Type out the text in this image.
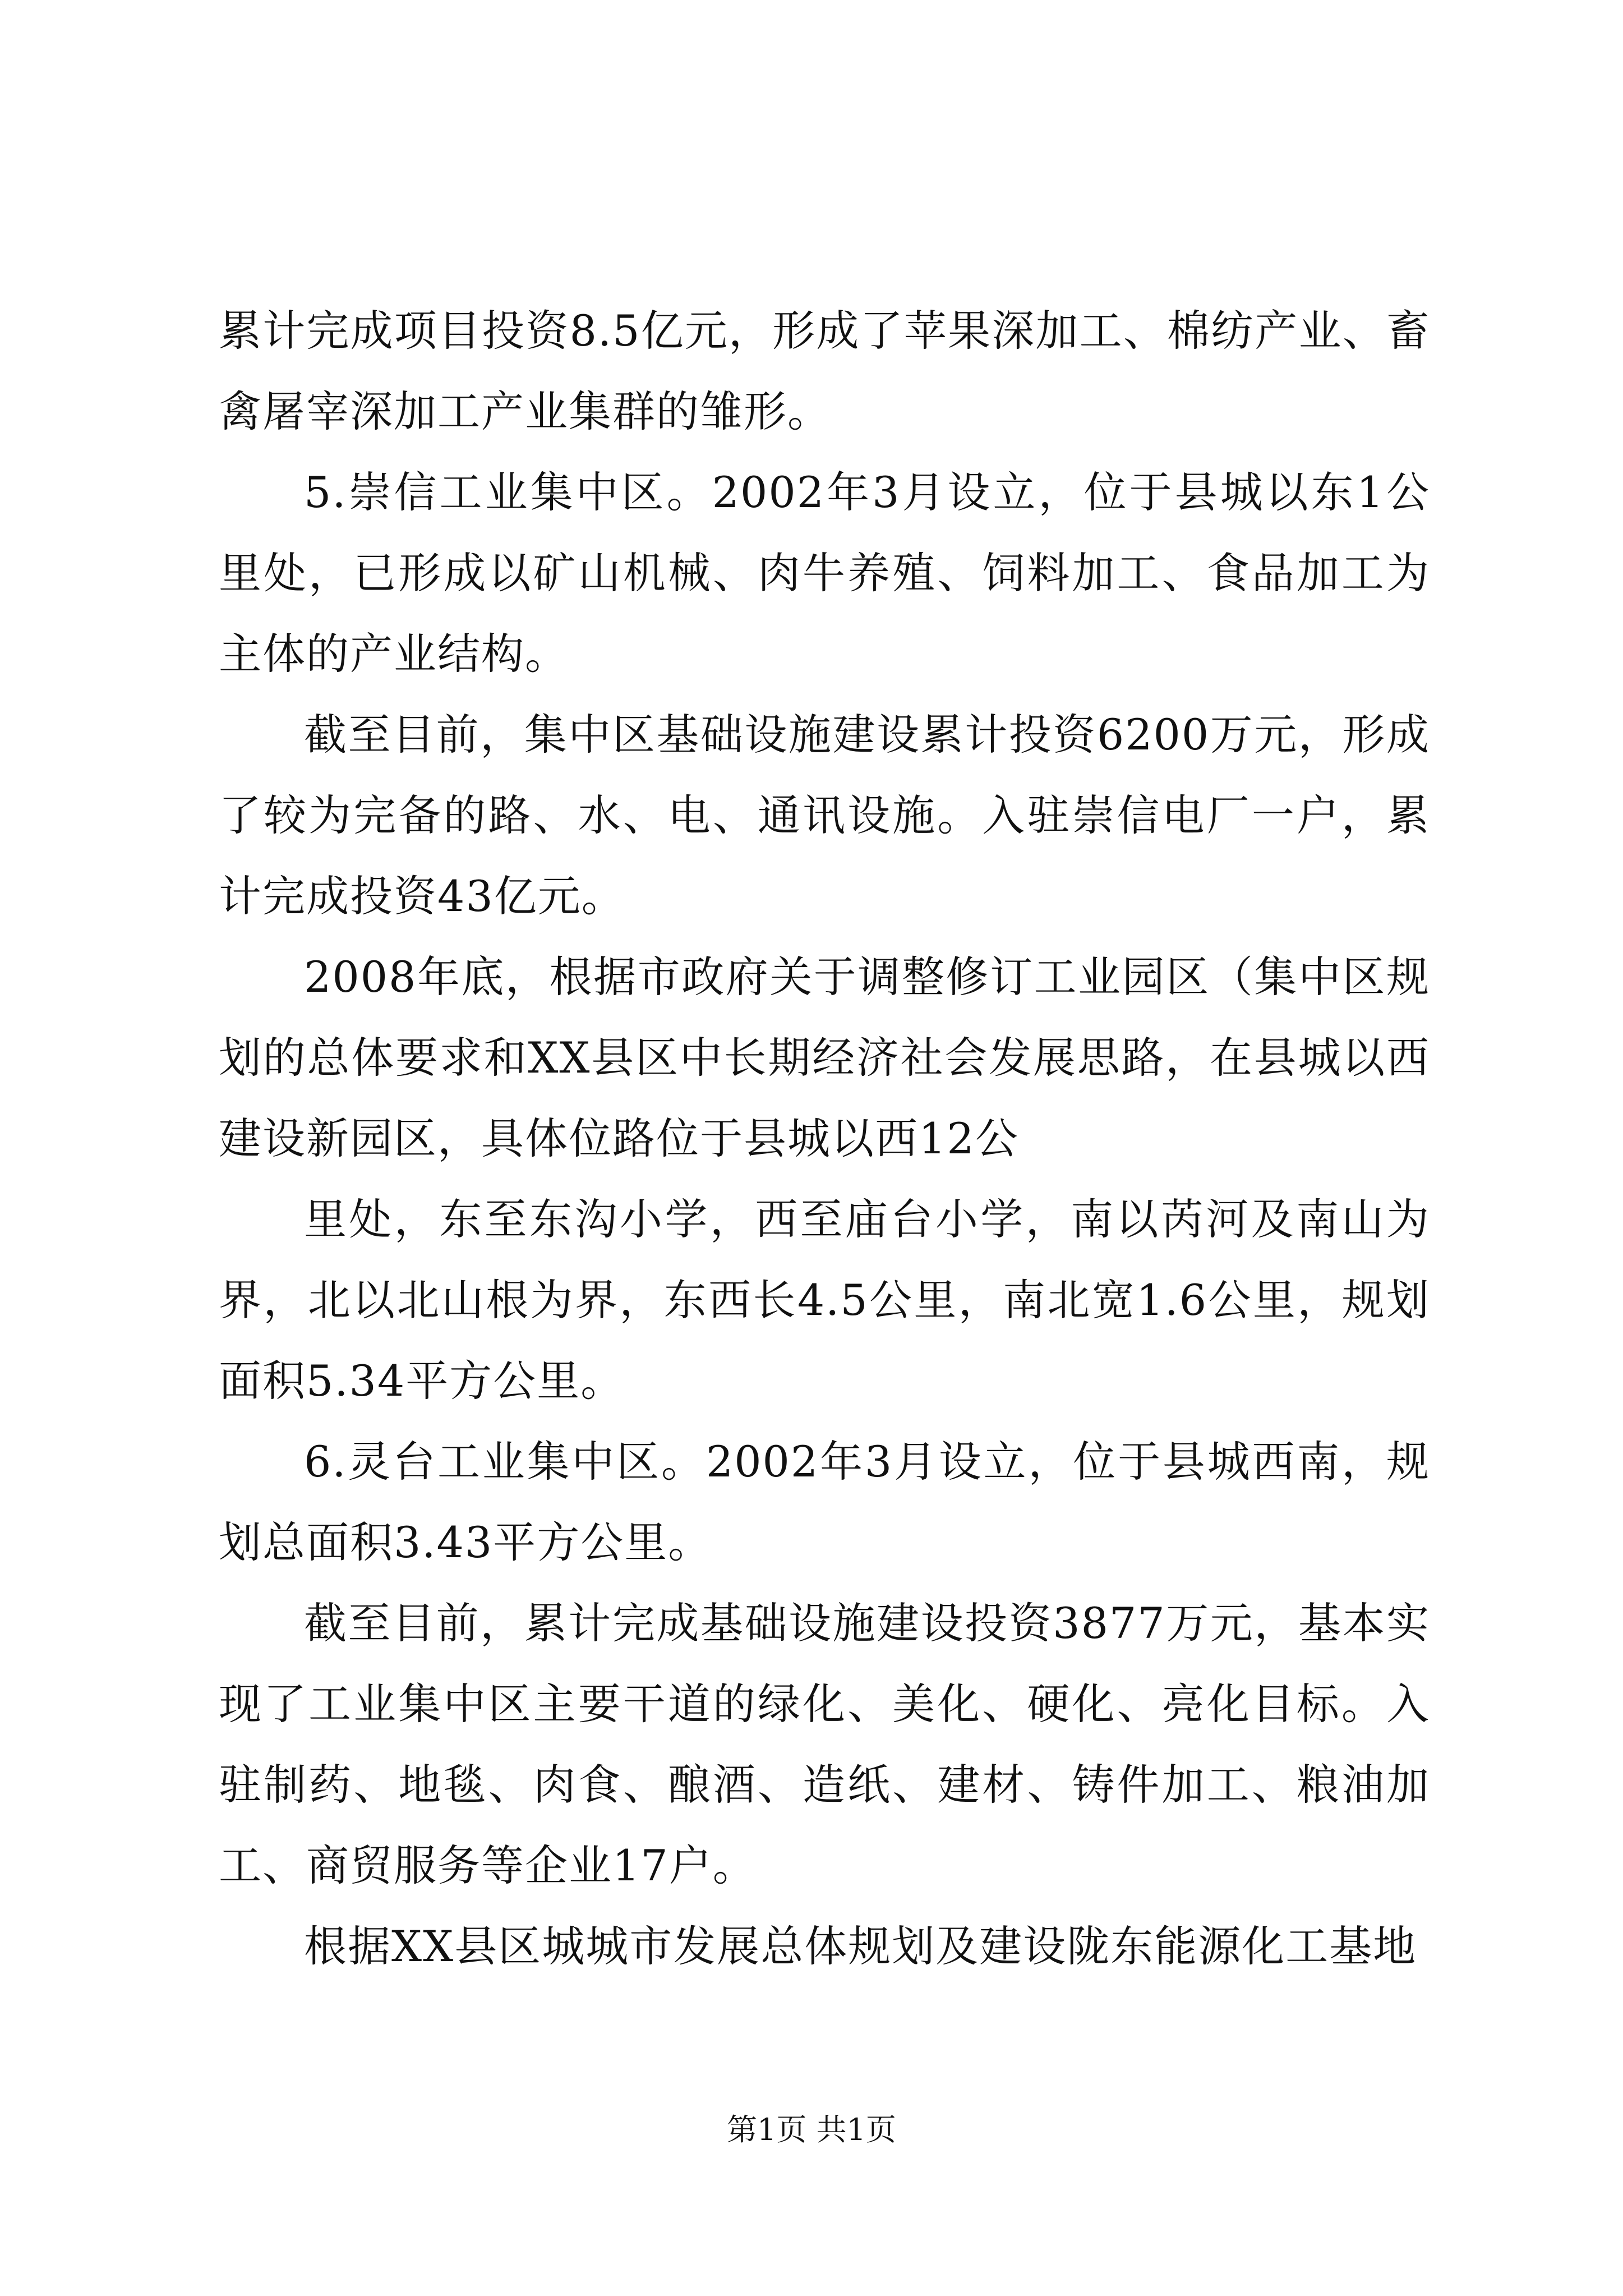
累计完成项目投资8.5亿元，形成了苹果深加工、棉纺产业、畜禽屠宰深加工产业集群的雏形。

5.崇信工业集中区。2002年3月设立，位于县城以东1公里处，已形成以矿山机械、肉牛养殖、饲料加工、食品加工为主体的产业结构。

截至目前，集中区基础设施建设累计投资6200万元，形成了较为完备的路、水、电、通讯设施。入驻崇信电厂一户，累计完成投资43亿元。

2008年底，根据市政府关于调整修订工业园区（集中区规划的总体要求和XX县区中长期经济社会发展思路，在县城以西建设新园区，具体位路位于县城以西12公

里处，东至东沟小学，西至庙台小学，南以芮河及南山为界，北以北山根为界，东西长4.5公里，南北宽1.6公里，规划面积5.34平方公里。

6.灵台工业集中区。2002年3月设立，位于县城西南，规划总面积3.43平方公里。

截至目前，累计完成基础设施建设投资3877万元，基本实现了工业集中区主要干道的绿化、美化、硬化、亮化目标。入驻制药、地毯、肉食、酿酒、造纸、建材、铸件加工、粮油加工、商贸服务等企业17户。

根据XX县区城城市发展总体规划及建设陇东能源化工基地

第1页 共1页
